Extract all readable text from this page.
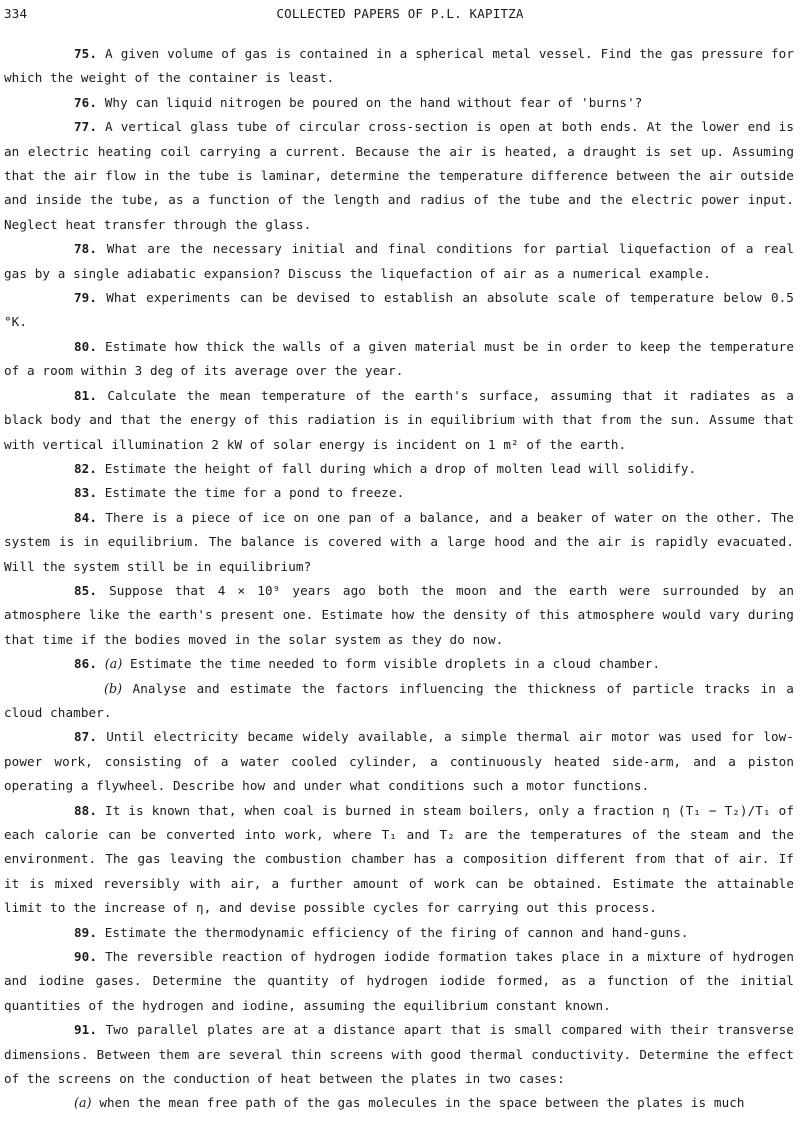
334	COLLECTED PAPERS OF P.L. KAPITZA

75. A given volume of gas is contained in a spherical metal vessel. Find the gas pressure for which the weight of the container is least.

76. Why can liquid nitrogen be poured on the hand without fear of 'burns'?

77. A vertical glass tube of circular cross-section is open at both ends. At the lower end is an electric heating coil carrying a current. Because the air is heated, a draught is set up. Assuming that the air flow in the tube is laminar, determine the temperature difference between the air outside and inside the tube, as a function of the length and radius of the tube and the electric power input. Neglect heat transfer through the glass.

78. What are the necessary initial and final conditions for partial liquefaction of a real gas by a single adiabatic expansion? Discuss the liquefaction of air as a numerical example.

79. What experiments can be devised to establish an absolute scale of temperature below 0.5 °K.

80. Estimate how thick the walls of a given material must be in order to keep the temperature of a room within 3 deg of its average over the year.

81. Calculate the mean temperature of the earth's surface, assuming that it radiates as a black body and that the energy of this radiation is in equilibrium with that from the sun. Assume that with vertical illumination 2 kW of solar energy is incident on 1 m² of the earth.

82. Estimate the height of fall during which a drop of molten lead will solidify.

83. Estimate the time for a pond to freeze.

84. There is a piece of ice on one pan of a balance, and a beaker of water on the other. The system is in equilibrium. The balance is covered with a large hood and the air is rapidly evacuated. Will the system still be in equilibrium?

85. Suppose that 4 × 10⁹ years ago both the moon and the earth were surrounded by an atmosphere like the earth's present one. Estimate how the density of this atmosphere would vary during that time if the bodies moved in the solar system as they do now.

86. (a) Estimate the time needed to form visible droplets in a cloud chamber.

(b) Analyse and estimate the factors influencing the thickness of particle tracks in a cloud chamber.

87. Until electricity became widely available, a simple thermal air motor was used for low-power work, consisting of a water cooled cylinder, a continuously heated side-arm, and a piston operating a flywheel. Describe how and under what conditions such a motor functions.

88. It is known that, when coal is burned in steam boilers, only a fraction η (T₁ − T₂)/T₁ of each calorie can be converted into work, where T₁ and T₂ are the temperatures of the steam and the environment. The gas leaving the combustion chamber has a composition different from that of air. If it is mixed reversibly with air, a further amount of work can be obtained. Estimate the attainable limit to the increase of η, and devise possible cycles for carrying out this process.

89. Estimate the thermodynamic efficiency of the firing of cannon and hand-guns.

90. The reversible reaction of hydrogen iodide formation takes place in a mixture of hydrogen and iodine gases. Determine the quantity of hydrogen iodide formed, as a function of the initial quantities of the hydrogen and iodine, assuming the equilibrium constant known.

91. Two parallel plates are at a distance apart that is small compared with their transverse dimensions. Between them are several thin screens with good thermal conductivity. Determine the effect of the screens on the conduction of heat between the plates in two cases:

(a) when the mean free path of the gas molecules in the space between the plates is much
